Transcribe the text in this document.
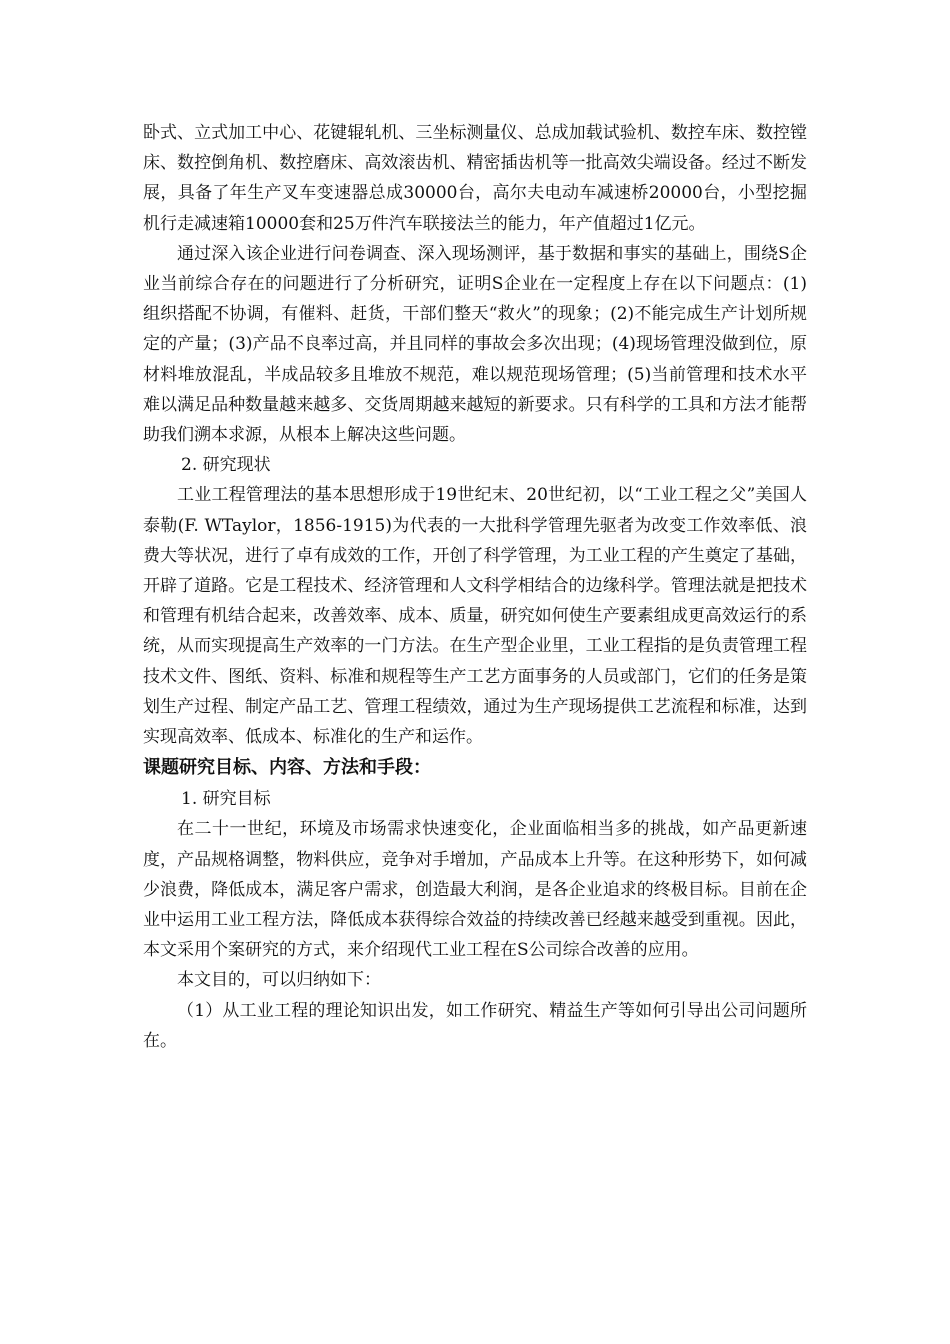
卧式、立式加工中心、花键辊轧机、三坐标测量仪、总成加载试验机、数控车床、数控镗床、数控倒角机、数控磨床、高效滚齿机、精密插齿机等一批高效尖端设备。经过不断发展，具备了年生产叉车变速器总成30000台，高尔夫电动车减速桥20000台，小型挖掘机行走减速箱10000套和25万件汽车联接法兰的能力，年产值超过1亿元。

通过深入该企业进行问卷调查、深入现场测评，基于数据和事实的基础上，围绕S企业当前综合存在的问题进行了分析研究，证明S企业在一定程度上存在以下问题点：(1)组织搭配不协调，有催料、赶货，干部们整天“救火”的现象；(2)不能完成生产计划所规定的产量；(3)产品不良率过高，并且同样的事故会多次出现；(4)现场管理没做到位，原材料堆放混乱，半成品较多且堆放不规范，难以规范现场管理；(5)当前管理和技术水平难以满足品种数量越来越多、交货周期越来越短的新要求。只有科学的工具和方法才能帮助我们溯本求源，从根本上解决这些问题。

2. 研究现状

工业工程管理法的基本思想形成于19世纪末、20世纪初，以“工业工程之父”美国人泰勒(F. WTaylor，1856-1915)为代表的一大批科学管理先驱者为改变工作效率低、浪费大等状况，进行了卓有成效的工作，开创了科学管理，为工业工程的产生奠定了基础，开辟了道路。它是工程技术、经济管理和人文科学相结合的边缘科学。管理法就是把技术和管理有机结合起来，改善效率、成本、质量，研究如何使生产要素组成更高效运行的系统，从而实现提高生产效率的一门方法。在生产型企业里，工业工程指的是负责管理工程技术文件、图纸、资料、标准和规程等生产工艺方面事务的人员或部门，它们的任务是策划生产过程、制定产品工艺、管理工程绩效，通过为生产现场提供工艺流程和标准，达到实现高效率、低成本、标准化的生产和运作。

课题研究目标、内容、方法和手段：

1. 研究目标

在二十一世纪，环境及市场需求快速变化，企业面临相当多的挑战，如产品更新速度，产品规格调整，物料供应，竞争对手增加，产品成本上升等。在这种形势下，如何减少浪费，降低成本，满足客户需求，创造最大利润，是各企业追求的终极目标。目前在企业中运用工业工程方法，降低成本获得综合效益的持续改善已经越来越受到重视。因此，本文采用个案研究的方式，来介绍现代工业工程在S公司综合改善的应用。

本文目的，可以归纳如下：

（1）从工业工程的理论知识出发，如工作研究、精益生产等如何引导出公司问题所在。
